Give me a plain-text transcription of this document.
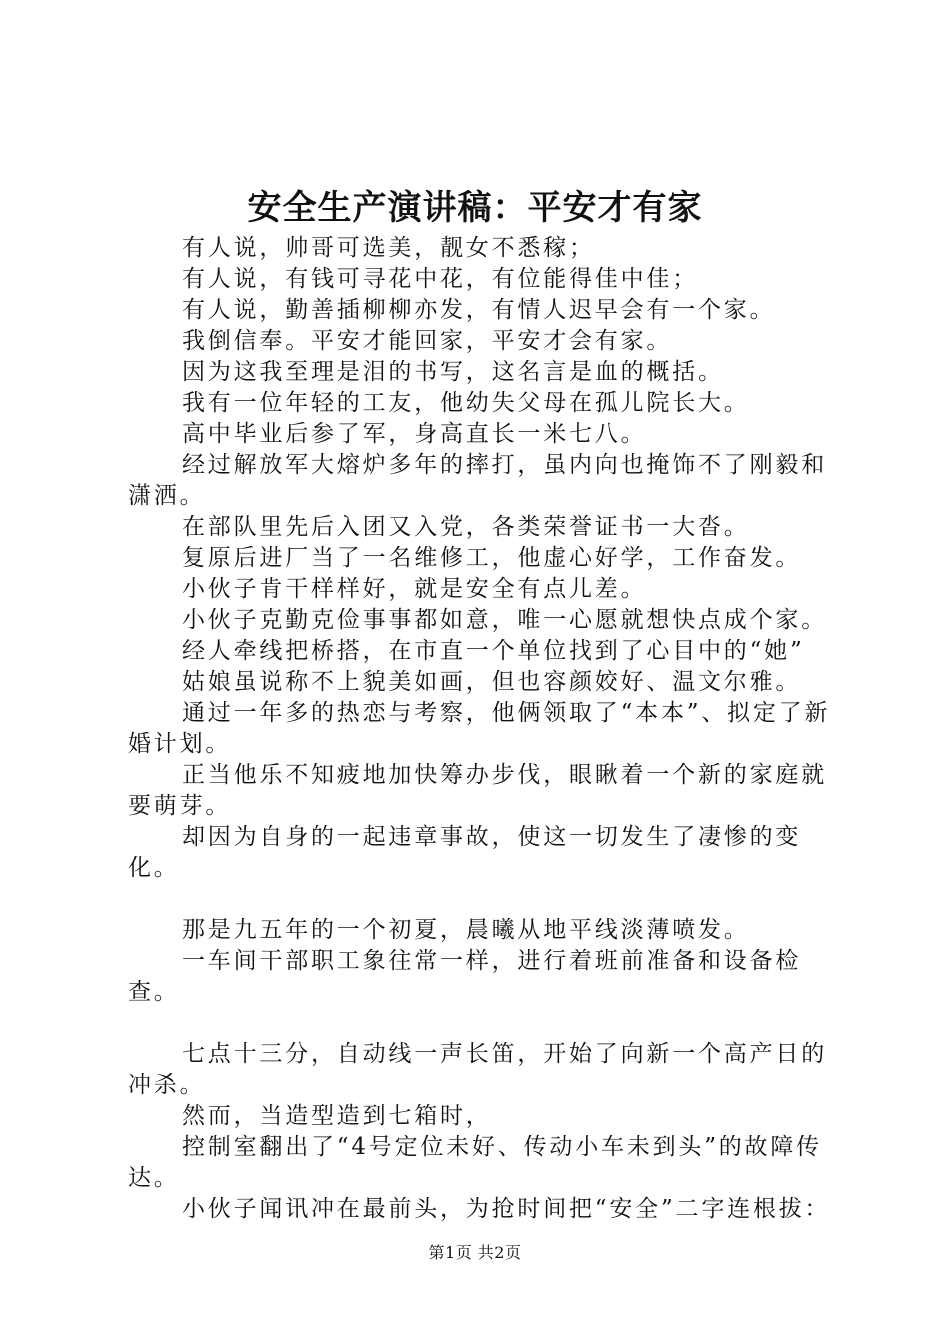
安全生产演讲稿：平安才有家

有人说，帅哥可选美，靓女不悉稼；

有人说，有钱可寻花中花，有位能得佳中佳；

有人说，勤善插柳柳亦发，有情人迟早会有一个家。

我倒信奉。平安才能回家，平安才会有家。

因为这我至理是泪的书写，这名言是血的概括。

我有一位年轻的工友，他幼失父母在孤儿院长大。

高中毕业后参了军，身高直长一米七八。

经过解放军大熔炉多年的摔打，虽内向也掩饰不了刚毅和潇洒。

在部队里先后入团又入党，各类荣誉证书一大沓。

复原后进厂当了一名维修工，他虚心好学，工作奋发。

小伙子肯干样样好，就是安全有点儿差。

小伙子克勤克俭事事都如意，唯一心愿就想快点成个家。

经人牵线把桥搭，在市直一个单位找到了心目中的“她”

姑娘虽说称不上貌美如画，但也容颜姣好、温文尔雅。

通过一年多的热恋与考察，他俩领取了“本本”、拟定了新婚计划。

正当他乐不知疲地加快筹办步伐，眼瞅着一个新的家庭就要萌芽。

却因为自身的一起违章事故，使这一切发生了凄惨的变化。

那是九五年的一个初夏，晨曦从地平线淡薄喷发。

一车间干部职工象往常一样，进行着班前准备和设备检查。

七点十三分，自动线一声长笛，开始了向新一个高产日的冲杀。

然而，当造型造到七箱时，

控制室翻出了“4号定位未好、传动小车未到头”的故障传达。

小伙子闻讯冲在最前头，为抢时间把“安全”二字连根拔：

第1页 共2页
